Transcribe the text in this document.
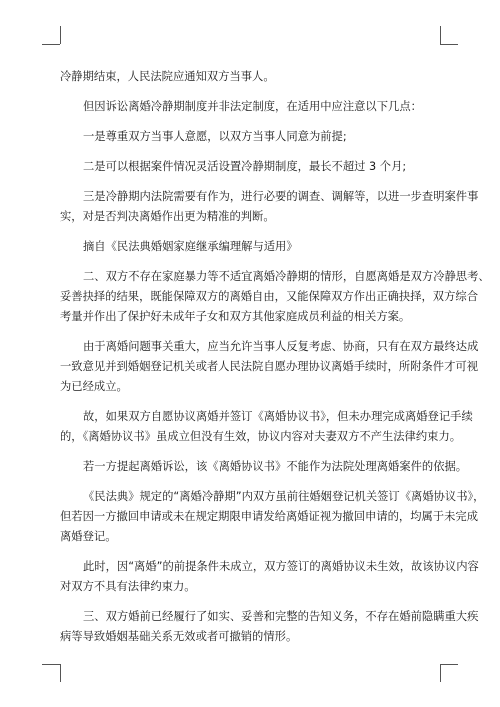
冷静期结束，人民法院应通知双方当事人。
但因诉讼离婚冷静期制度并非法定制度，在适用中应注意以下几点：
一是尊重双方当事人意愿，以双方当事人同意为前提;
二是可以根据案件情况灵活设置冷静期制度，最长不超过 3 个月;
三是冷静期内法院需要有作为，进行必要的调查、调解等，以进一步查明案件事
实，对是否判决离婚作出更为精准的判断。
摘自《民法典婚姻家庭继承编理解与适用》
二、双方不存在家庭暴力等不适宜离婚冷静期的情形，自愿离婚是双方冷静思考、
妥善抉择的结果，既能保障双方的离婚自由，又能保障双方作出正确抉择，双方综合
考量并作出了保护好未成年子女和双方其他家庭成员利益的相关方案。
由于离婚问题事关重大，应当允许当事人反复考虑、协商，只有在双方最终达成
一致意见并到婚姻登记机关或者人民法院自愿办理协议离婚手续时，所附条件才可视
为已经成立。
故，如果双方自愿协议离婚并签订《离婚协议书》，但未办理完成离婚登记手续
的，《离婚协议书》虽成立但没有生效，协议内容对夫妻双方不产生法律约束力。
若一方提起离婚诉讼，该《离婚协议书》不能作为法院处理离婚案件的依据。
《民法典》规定的“离婚冷静期”内双方虽前往婚姻登记机关签订《离婚协议书》，
但若因一方撤回申请或未在规定期限申请发给离婚证视为撤回申请的，均属于未完成
离婚登记。
此时，因“离婚”的前提条件未成立，双方签订的离婚协议未生效，故该协议内容
对双方不具有法律约束力。
三、双方婚前已经履行了如实、妥善和完整的告知义务，不存在婚前隐瞒重大疾
病等导致婚姻基础关系无效或者可撤销的情形。
